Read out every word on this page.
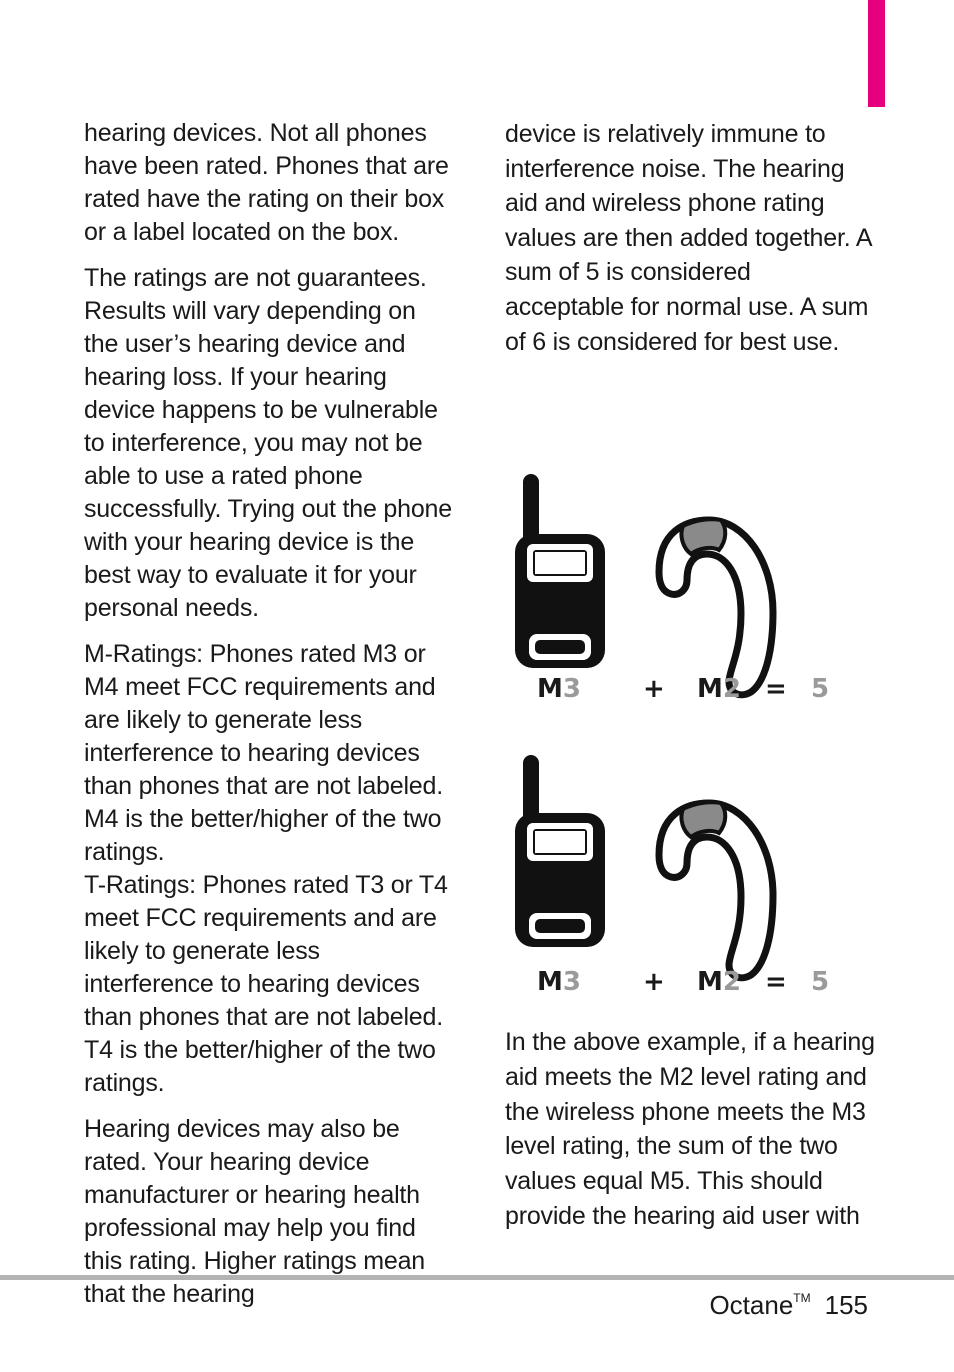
hearing devices. Not all phones have been rated. Phones that are rated have the rating on their box or a label located on the box.

The ratings are not guarantees. Results will vary depending on the user’s hearing device and hearing loss. If your hearing device happens to be vulnerable to interference, you may not be able to use a rated phone successfully. Trying out the phone with your hearing device is the best way to evaluate it for your personal needs.

M-Ratings: Phones rated M3 or M4 meet FCC requirements and are likely to generate less interference to hearing devices than phones that are not labeled. M4 is the better/higher of the two ratings.

T-Ratings: Phones rated T3 or T4 meet FCC requirements and are likely to generate less interference to hearing devices than phones that are not labeled. T4 is the better/higher of the two ratings.

Hearing devices may also be rated. Your hearing device manufacturer or hearing health professional may help you find this rating. Higher ratings mean that the hearing

device is relatively immune to interference noise. The hearing aid and wireless phone rating values are then added together. A sum of 5 is considered acceptable for normal use. A sum of 6 is considered for best use.

M3 + M2 = 5
M3 + M2 = 5

In the above example, if a hearing aid meets the M2 level rating and the wireless phone meets the M3 level rating, the sum of the two values equal M5. This should provide the hearing aid user with

Octane™ 155
